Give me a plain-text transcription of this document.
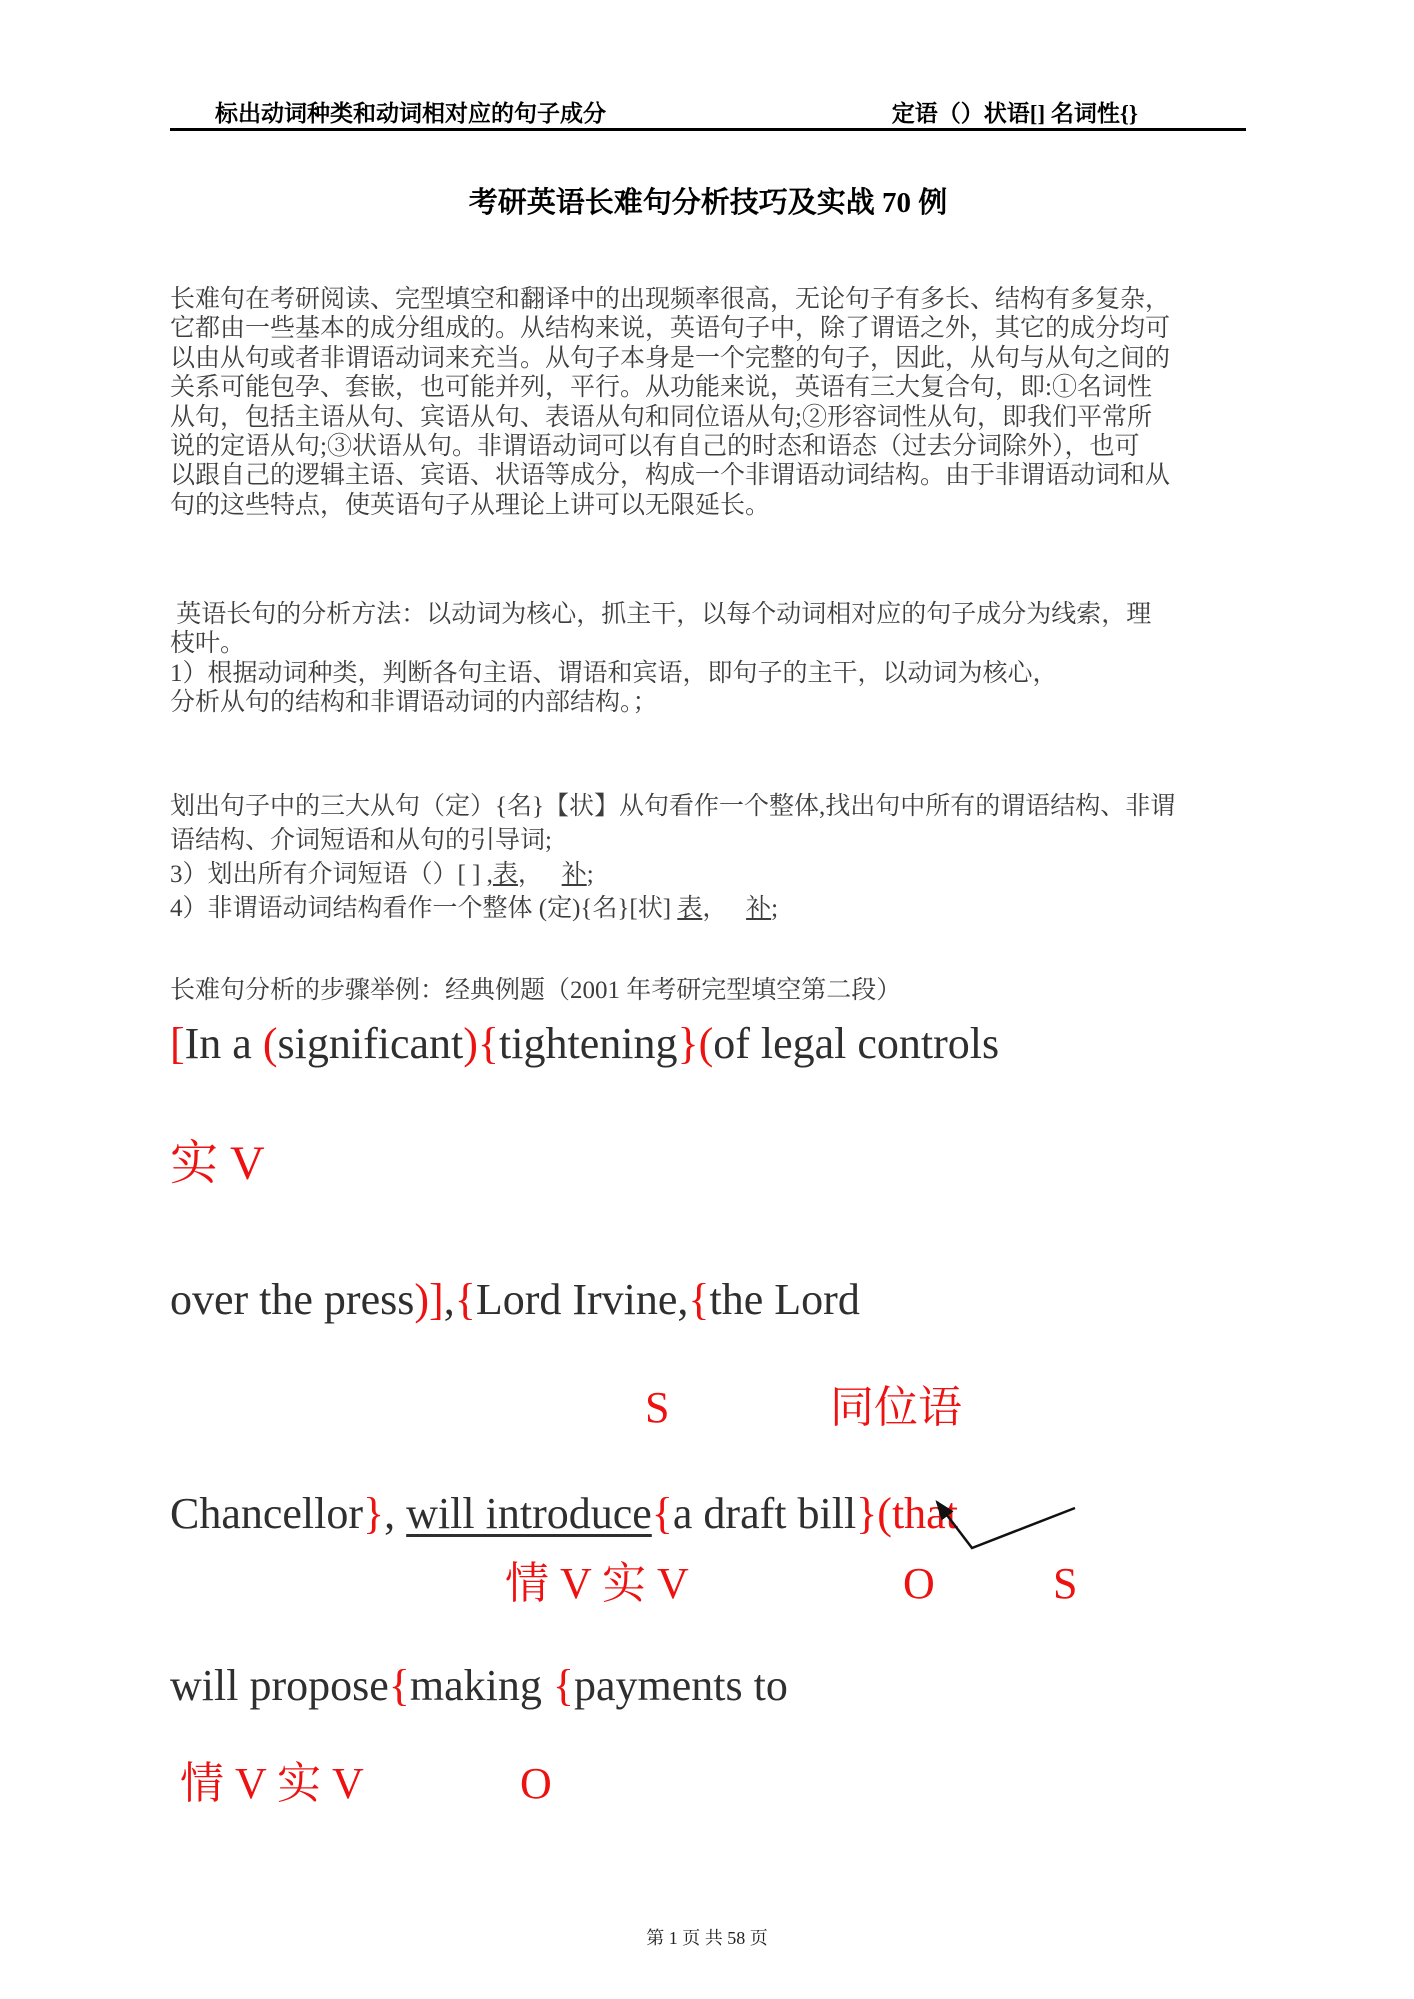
标出动词种类和动词相对应的句子成分	定语（）状语[] 名词性{}
考研英语长难句分析技巧及实战 70 例
长难句在考研阅读、完型填空和翻译中的出现频率很高，无论句子有多长、结构有多复杂，
它都由一些基本的成分组成的。从结构来说，英语句子中，除了谓语之外，其它的成分均可
以由从句或者非谓语动词来充当。从句子本身是一个完整的句子，因此，从句与从句之间的
关系可能包孕、套嵌，也可能并列，平行。从功能来说，英语有三大复合句，即:①名词性
从句，包括主语从句、宾语从句、表语从句和同位语从句;②形容词性从句，即我们平常所
说的定语从句;③状语从句。非谓语动词可以有自己的时态和语态（过去分词除外），也可
以跟自己的逻辑主语、宾语、状语等成分，构成一个非谓语动词结构。由于非谓语动词和从
句的这些特点，使英语句子从理论上讲可以无限延长。
英语长句的分析方法：以动词为核心，抓主干，以每个动词相对应的句子成分为线索，理
枝叶。
1）根据动词种类，判断各句主语、谓语和宾语，即句子的主干，以动词为核心，
分析从句的结构和非谓语动词的内部结构。；
划出句子中的三大从句（定）{名}【状】从句看作一个整体,找出句中所有的谓语结构、非谓
语结构、介词短语和从句的引导词;
3）划出所有介词短语（）[ ] ,表，   补;
4）非谓语动词结构看作一个整体 (定){名}[状] 表，   补;
长难句分析的步骤举例：经典例题（2001 年考研完型填空第二段）
[In a (significant){tightening}(of legal controls
实 V
over the press)],{Lord Irvine,{the Lord
S	同位语
Chancellor}, will introduce{a draft bill}(that
情 V 实 V	O	S
will propose{making {payments to
情 V 实 V	O
第 1 页 共 58 页
